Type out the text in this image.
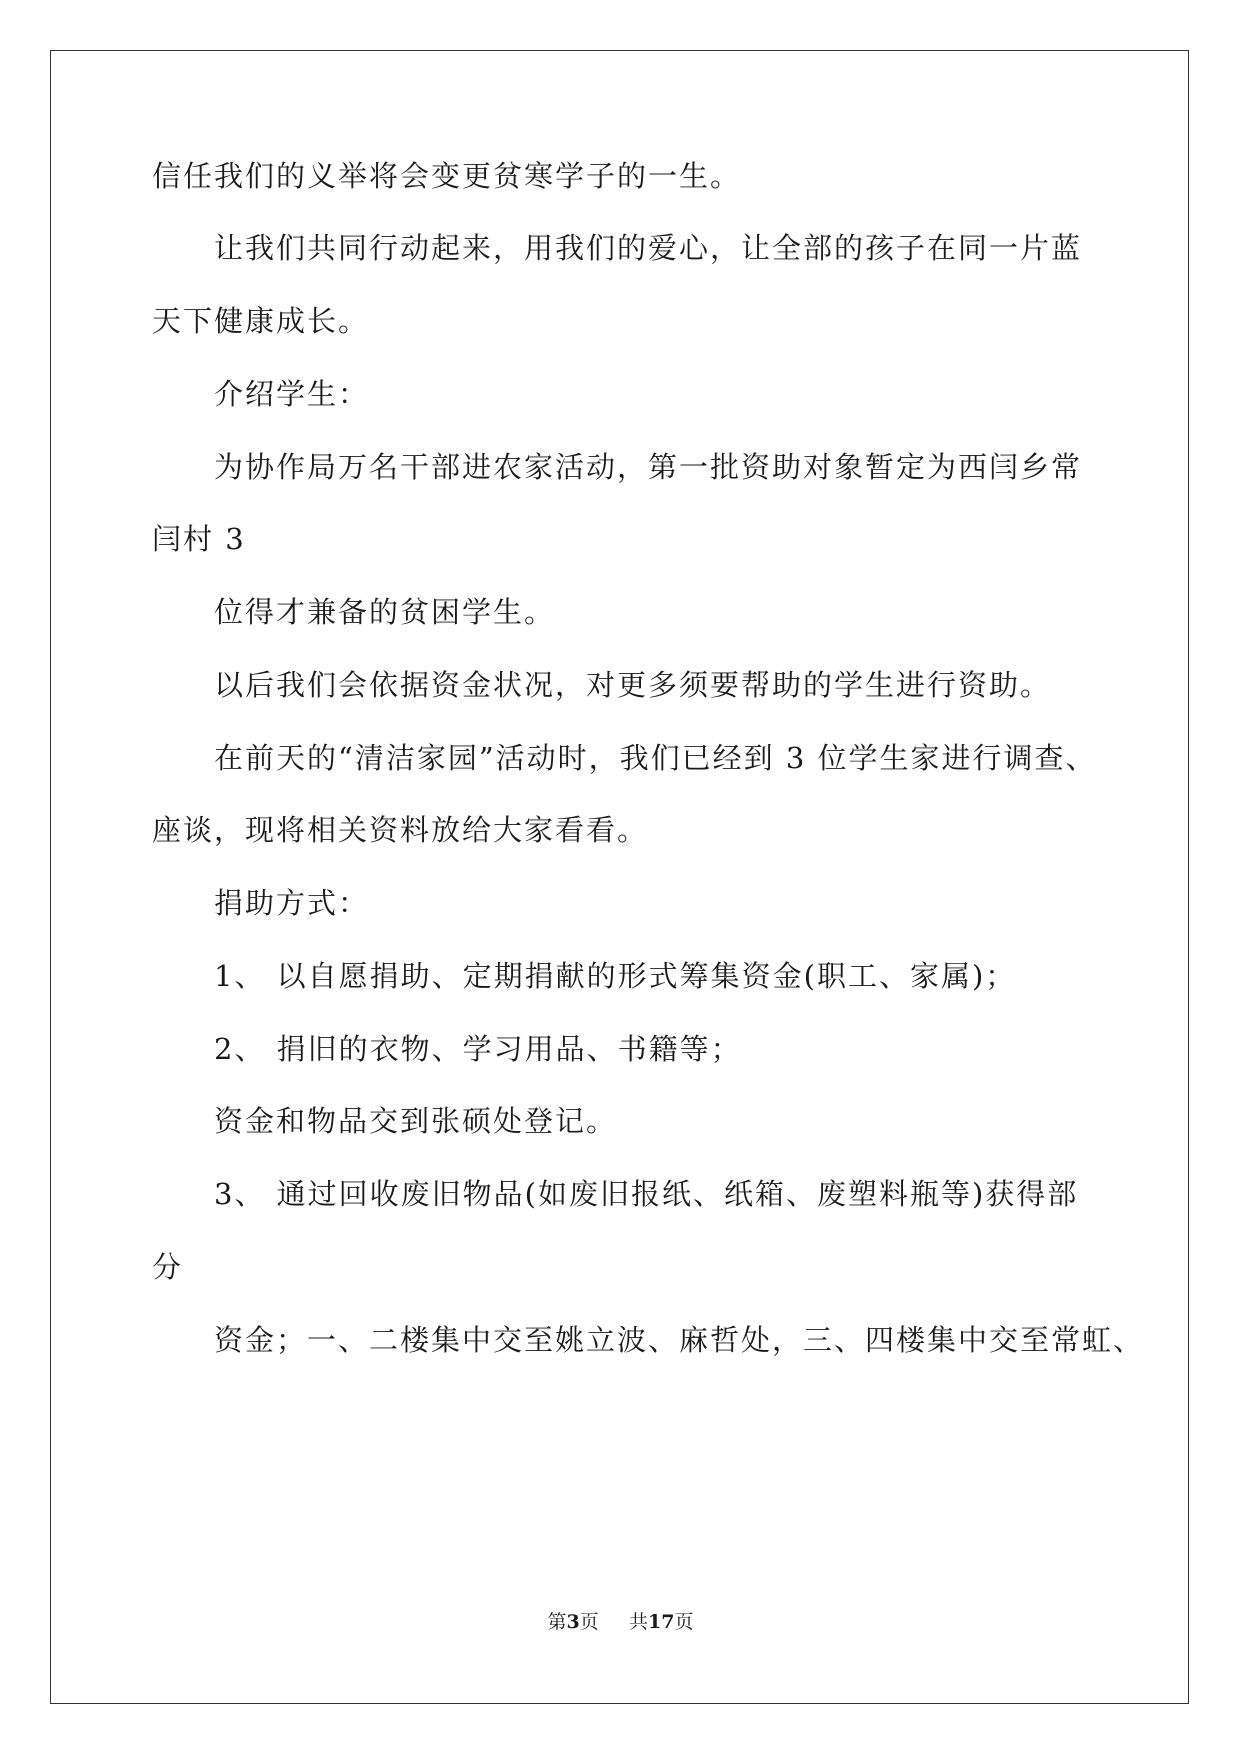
信任我们的义举将会变更贫寒学子的一生。
让我们共同行动起来，用我们的爱心，让全部的孩子在同一片蓝
天下健康成长。
介绍学生：
为协作局万名干部进农家活动，第一批资助对象暂定为西闫乡常
闫村 3
位得才兼备的贫困学生。
以后我们会依据资金状况，对更多须要帮助的学生进行资助。
在前天的“清洁家园”活动时，我们已经到 3 位学生家进行调查、
座谈，现将相关资料放给大家看看。
捐助方式：
1、 以自愿捐助、定期捐献的形式筹集资金(职工、家属)；
2、 捐旧的衣物、学习用品、书籍等；
资金和物品交到张硕处登记。
3、 通过回收废旧物品(如废旧报纸、纸箱、废塑料瓶等)获得部
分
资金；一、二楼集中交至姚立波、麻哲处，三、四楼集中交至常虹、
第3页 共17页
